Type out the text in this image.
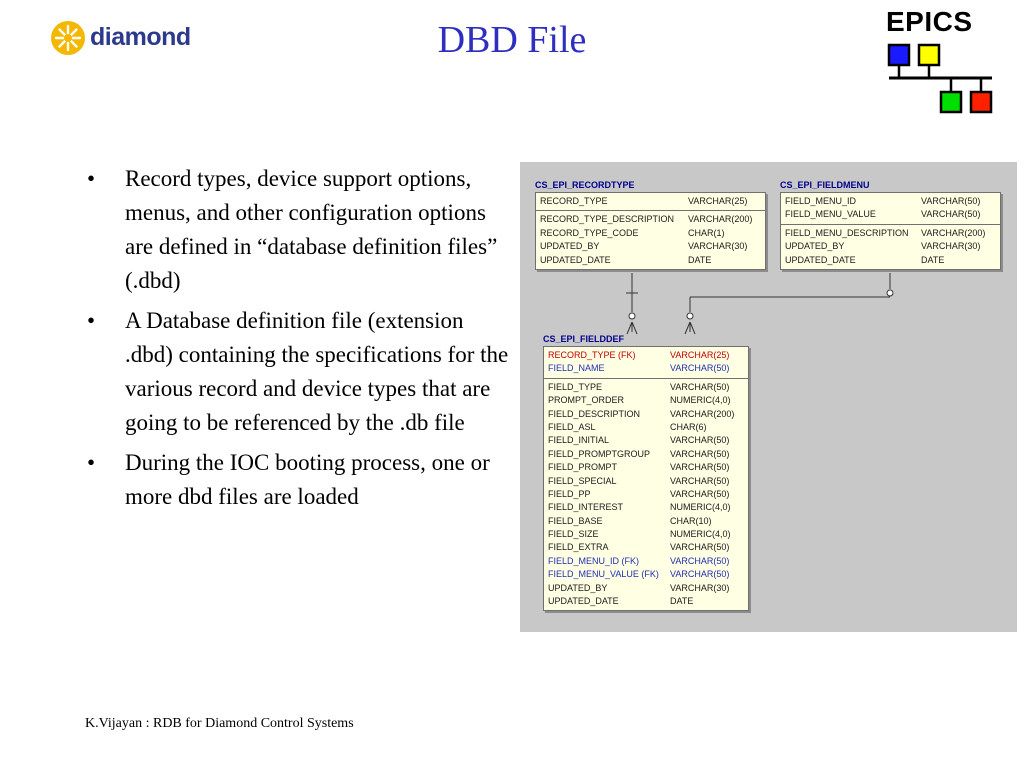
diamond	DBD File	EPICS
• Record types, device support options, menus, and other configuration options are defined in “database definition files” (.dbd)
• A Database definition file (extension .dbd) containing the specifications for the various record and device types that are going to be referenced by the .db file
• During the IOC booting process, one or more dbd files are loaded
CS_EPI_RECORDTYPE
RECORD_TYPE	VARCHAR(25)
RECORD_TYPE_DESCRIPTION VARCHAR(200)
RECORD_TYPE_CODE	CHAR(1)
UPDATED_BY	VARCHAR(30)
UPDATED_DATE	DATE
CS_EPI_FIELDMENU
FIELD_MENU_ID	VARCHAR(50)
FIELD_MENU_VALUE	VARCHAR(50)
FIELD_MENU_DESCRIPTION VARCHAR(200)
UPDATED_BY	VARCHAR(30)
UPDATED_DATE	DATE
CS_EPI_FIELDDEF
RECORD_TYPE (FK)	VARCHAR(25)
FIELD_NAME	VARCHAR(50)
FIELD_TYPE	VARCHAR(50)
PROMPT_ORDER	NUMERIC(4,0)
FIELD_DESCRIPTION	VARCHAR(200)
FIELD_ASL	CHAR(6)
FIELD_INITIAL	VARCHAR(50)
FIELD_PROMPTGROUP VARCHAR(50)
FIELD_PROMPT	VARCHAR(50)
FIELD_SPECIAL	VARCHAR(50)
FIELD_PP	VARCHAR(50)
FIELD_INTEREST	NUMERIC(4,0)
FIELD_BASE	CHAR(10)
FIELD_SIZE	NUMERIC(4,0)
FIELD_EXTRA	VARCHAR(50)
FIELD_MENU_ID (FK)	VARCHAR(50)
FIELD_MENU_VALUE (FK) VARCHAR(50)
UPDATED_BY	VARCHAR(30)
UPDATED_DATE	DATE
K.Vijayan : RDB for Diamond Control Systems
